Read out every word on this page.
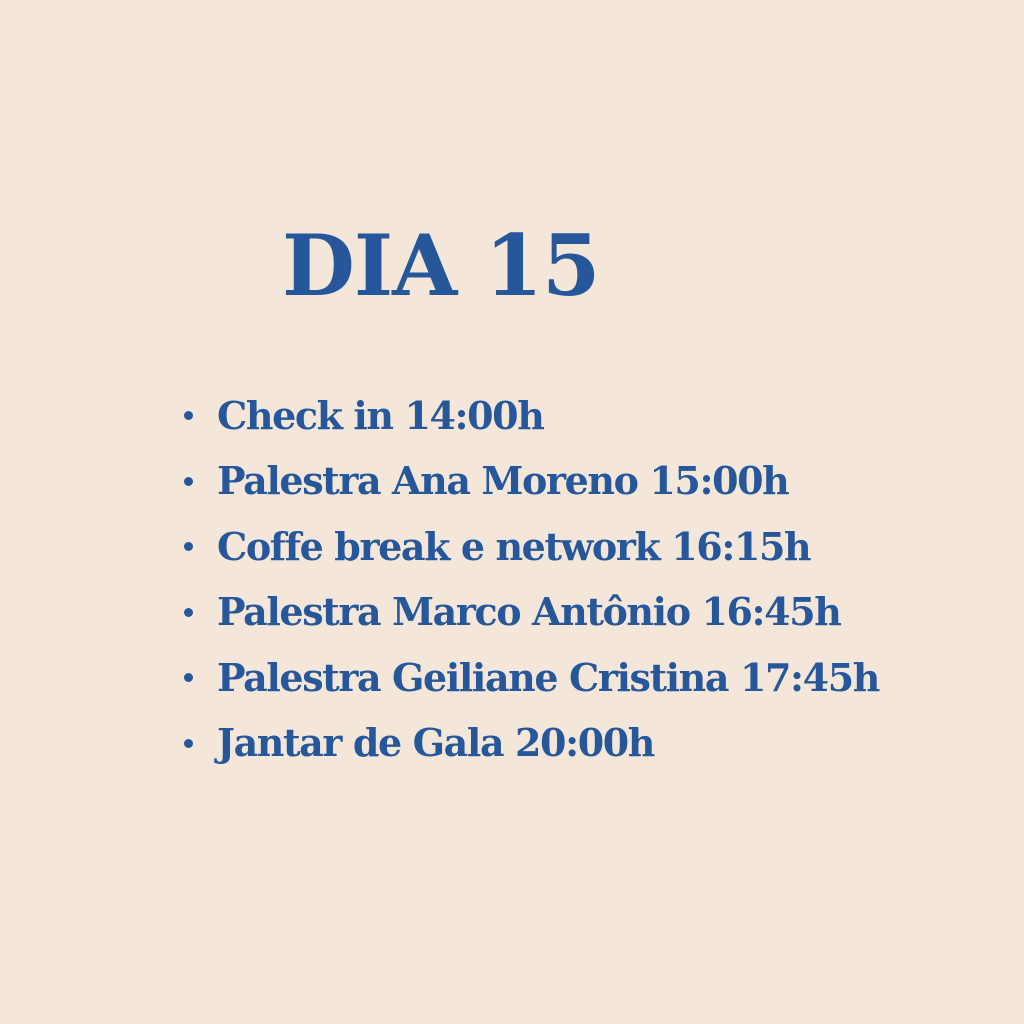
DIA 15
Check in 14:00h
Palestra Ana Moreno 15:00h
Coffe break e network 16:15h
Palestra Marco Antônio 16:45h
Palestra Geiliane Cristina 17:45h
Jantar de Gala 20:00h
